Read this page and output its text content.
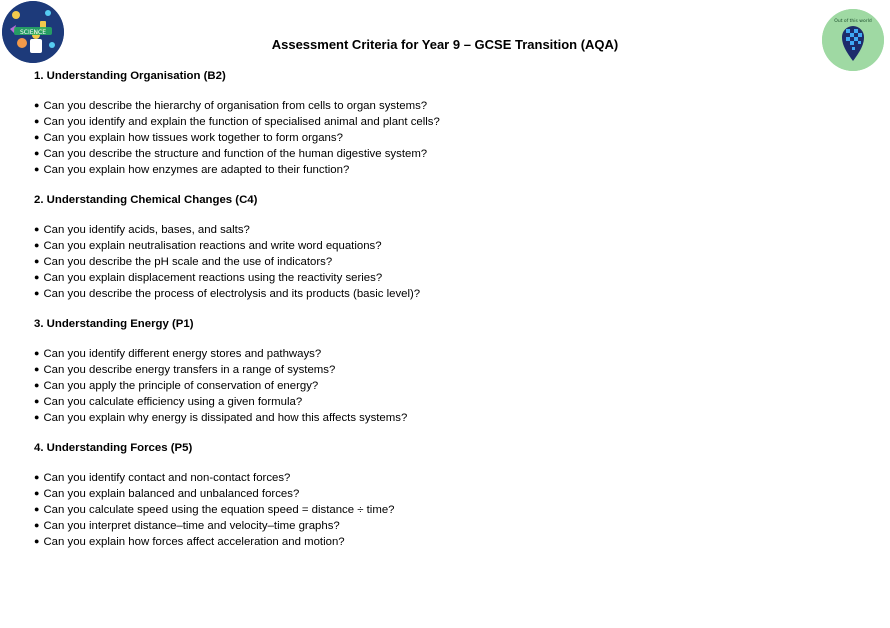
SCIENCE
Out of this world
Assessment Criteria for Year 9 – GCSE Transition (AQA)
1. Understanding Organisation (B2)
● Can you describe the hierarchy of organisation from cells to organ systems?
● Can you identify and explain the function of specialised animal and plant cells?
● Can you explain how tissues work together to form organs?
● Can you describe the structure and function of the human digestive system?
● Can you explain how enzymes are adapted to their function?
2. Understanding Chemical Changes (C4)
● Can you identify acids, bases, and salts?
● Can you explain neutralisation reactions and write word equations?
● Can you describe the pH scale and the use of indicators?
● Can you explain displacement reactions using the reactivity series?
● Can you describe the process of electrolysis and its products (basic level)?
3. Understanding Energy (P1)
● Can you identify different energy stores and pathways?
● Can you describe energy transfers in a range of systems?
● Can you apply the principle of conservation of energy?
● Can you calculate efficiency using a given formula?
● Can you explain why energy is dissipated and how this affects systems?
4. Understanding Forces (P5)
● Can you identify contact and non-contact forces?
● Can you explain balanced and unbalanced forces?
● Can you calculate speed using the equation speed = distance ÷ time?
● Can you interpret distance–time and velocity–time graphs?
● Can you explain how forces affect acceleration and motion?
